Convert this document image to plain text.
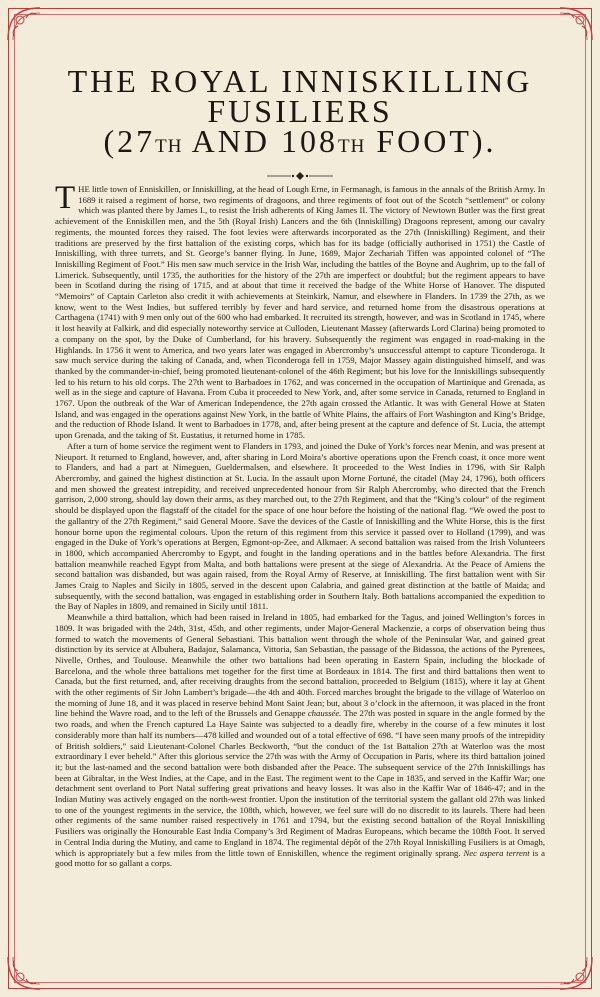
THE ROYAL INNISKILLING
FUSILIERS
(27TH AND 108TH FOOT).

THE little town of Enniskillen, or Inniskilling, at the head of Lough Erne, in Fermanagh, is famous in the annals of the British Army. In 1689 it raised a regiment of horse, two regiments of dragoons, and three regiments of foot out of the Scotch “settlement” or colony which was planted there by James I., to resist the Irish adherents of King James II. The victory of Newtown Butler was the first great achievement of the Enniskillen men, and the 5th (Royal Irish) Lancers and the 6th (Inniskilling) Dragoons represent, among our cavalry regiments, the mounted forces they raised. The foot levies were afterwards incorporated as the 27th (Inniskilling) Regiment, and their traditions are preserved by the first battalion of the existing corps, which has for its badge (officially authorised in 1751) the Castle of Inniskilling, with three turrets, and St. George’s banner flying. In June, 1689, Major Zechariah Tiffen was appointed colonel of “The Inniskilling Regiment of Foot.” His men saw much service in the Irish War, including the battles of the Boyne and Aughrim, up to the fall of Limerick. Subsequently, until 1735, the authorities for the history of the 27th are imperfect or doubtful; but the regiment appears to have been in Scotland during the rising of 1715, and at about that time it received the badge of the White Horse of Hanover. The disputed “Memoirs” of Captain Carleton also credit it with achievements at Steinkirk, Namur, and elsewhere in Flanders. In 1739 the 27th, as we know, went to the West Indies, but suffered terribly by fever and hard service, and returned home from the disastrous operations at Carthagena (1741) with 9 men only out of the 600 who had embarked. It recruited its strength, however, and was in Scotland in 1745, where it lost heavily at Falkirk, and did especially noteworthy service at Culloden, Lieutenant Massey (afterwards Lord Clarina) being promoted to a company on the spot, by the Duke of Cumberland, for his bravery. Subsequently the regiment was engaged in road-making in the Highlands. In 1756 it went to America, and two years later was engaged in Abercromby’s unsuccessful attempt to capture Ticonderoga. It saw much service during the taking of Canada, and, when Ticonderoga fell in 1759, Major Massey again distinguished himself, and was thanked by the commander-in-chief, being promoted lieutenant-colonel of the 46th Regiment; but his love for the Inniskillings subsequently led to his return to his old corps. The 27th went to Barbadoes in 1762, and was concerned in the occupation of Martinique and Grenada, as well as in the siege and capture of Havana. From Cuba it proceeded to New York, and, after some service in Canada, returned to England in 1767. Upon the outbreak of the War of American Independence, the 27th again crossed the Atlantic. It was with General Howe at Staten Island, and was engaged in the operations against New York, in the battle of White Plains, the affairs of Fort Washington and King’s Bridge, and the reduction of Rhode Island. It went to Barbadoes in 1778, and, after being present at the capture and defence of St. Lucia, the attempt upon Grenada, and the taking of St. Eustatius, it returned home in 1785.

After a turn of home service the regiment went to Flanders in 1793, and joined the Duke of York’s forces near Menin, and was present at Nieuport. It returned to England, however, and, after sharing in Lord Moira’s abortive operations upon the French coast, it once more went to Flanders, and had a part at Nimeguen, Gueldermalsen, and elsewhere. It proceeded to the West Indies in 1796, with Sir Ralph Abercromby, and gained the highest distinction at St. Lucia. In the assault upon Morne Fortuné, the citadel (May 24, 1796), both officers and men showed the greatest intrepidity, and received unprecedented honour from Sir Ralph Abercromby, who directed that the French garrison, 2,000 strong, should lay down their arms, as they marched out, to the 27th Regiment, and that the “King’s colour” of the regiment should be displayed upon the flagstaff of the citadel for the space of one hour before the hoisting of the national flag. “We owed the post to the gallantry of the 27th Regiment,” said General Moore. Save the devices of the Castle of Inniskilling and the White Horse, this is the first honour borne upon the regimental colours. Upon the return of this regiment from this service it passed over to Holland (1799), and was engaged in the Duke of York’s operations at Bergen, Egmont-op-Zee, and Alkmaer. A second battalion was raised from the Irish Volunteers in 1800, which accompanied Abercromby to Egypt, and fought in the landing operations and in the battles before Alexandria. The first battalion meanwhile reached Egypt from Malta, and both battalions were present at the siege of Alexandria. At the Peace of Amiens the second battalion was disbanded, but was again raised, from the Royal Army of Reserve, at Inniskilling. The first battalion went with Sir James Craig to Naples and Sicily in 1805, served in the descent upon Calabria, and gained great distinction at the battle of Maida; and subsequently, with the second battalion, was engaged in establishing order in Southern Italy. Both battalions accompanied the expedition to the Bay of Naples in 1809, and remained in Sicily until 1811.

Meanwhile a third battalion, which had been raised in Ireland in 1805, had embarked for the Tagus, and joined Wellington’s forces in 1809. It was brigaded with the 24th, 31st, 45th, and other regiments, under Major-General Mackenzie, a corps of observation being thus formed to watch the movements of General Sebastiani. This battalion went through the whole of the Peninsular War, and gained great distinction by its service at Albuhera, Badajoz, Salamanca, Vittoria, San Sebastian, the passage of the Bidassoa, the actions of the Pyrenees, Nivelle, Orthes, and Toulouse. Meanwhile the other two battalions had been operating in Eastern Spain, including the blockade of Barcelona, and the whole three battalions met together for the first time at Bordeaux in 1814. The first and third battalions then went to Canada, but the first returned, and, after receiving draughts from the second battalion, proceeded to Belgium (1815), where it lay at Ghent with the other regiments of Sir John Lambert’s brigade—the 4th and 40th. Forced marches brought the brigade to the village of Waterloo on the morning of June 18, and it was placed in reserve behind Mont Saint Jean; but, about 3 o’clock in the afternoon, it was placed in the front line behind the Wavre road, and to the left of the Brussels and Genappe chaussée. The 27th was posted in square in the angle formed by the two roads, and when the French captured La Haye Sainte was subjected to a deadly fire, whereby in the course of a few minutes it lost considerably more than half its numbers—478 killed and wounded out of a total effective of 698. “I have seen many proofs of the intrepidity of British soldiers,” said Lieutenant-Colonel Charles Beckworth, “but the conduct of the 1st Battalion 27th at Waterloo was the most extraordinary I ever beheld.” After this glorious service the 27th was with the Army of Occupation in Paris, where its third battalion joined it; but the last-named and the second battalion were both disbanded after the Peace. The subsequent service of the 27th Inniskillings has been at Gibraltar, in the West Indies, at the Cape, and in the East. The regiment went to the Cape in 1835, and served in the Kaffir War; one detachment sent overland to Port Natal suffering great privations and heavy losses. It was also in the Kaffir War of 1846-47; and in the Indian Mutiny was actively engaged on the north-west frontier. Upon the institution of the territorial system the gallant old 27th was linked to one of the youngest regiments in the service, the 108th, which, however, we feel sure will do no discredit to its laurels. There had been other regiments of the same number raised respectively in 1761 and 1794, but the existing second battalion of the Royal Inniskilling Fusiliers was originally the Honourable East India Company’s 3rd Regiment of Madras Europeans, which became the 108th Foot. It served in Central India during the Mutiny, and came to England in 1874. The regimental dépôt of the 27th Royal Inniskilling Fusiliers is at Omagh, which is appropriately but a few miles from the little town of Enniskillen, whence the regiment originally sprang. Nec aspera terrent is a good motto for so gallant a corps.
